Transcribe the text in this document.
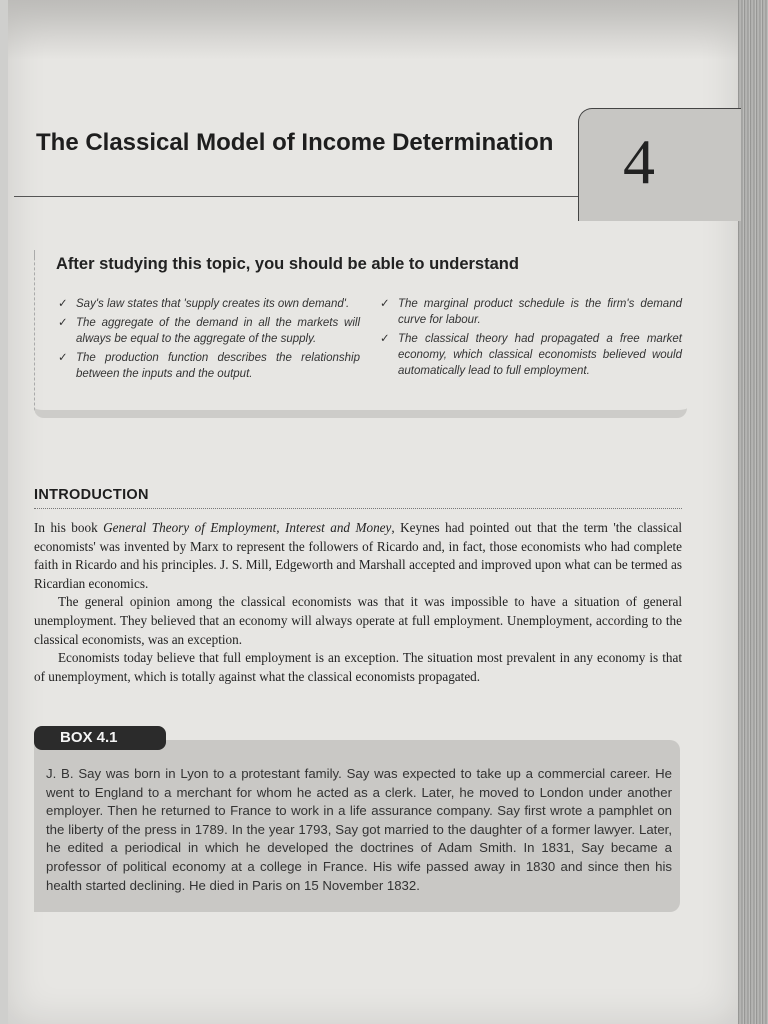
The Classical Model of Income Determination	4
After studying this topic, you should be able to understand
✓ Say's law states that 'supply creates its own demand'.
✓ The aggregate of the demand in all the markets will always be equal to the aggregate of the supply.
✓ The production function describes the relationship between the inputs and the output.
✓ The marginal product schedule is the firm's demand curve for labour.
✓ The classical theory had propagated a free market economy, which classical economists believed would automatically lead to full employment.
INTRODUCTION

In his book General Theory of Employment, Interest and Money, Keynes had pointed out that the term 'the classical economists' was invented by Marx to represent the followers of Ricardo and, in fact, those economists who had complete faith in Ricardo and his principles. J. S. Mill, Edgeworth and Marshall accepted and improved upon what can be termed as Ricardian economics.

The general opinion among the classical economists was that it was impossible to have a situation of general unemployment. They believed that an economy will always operate at full employment. Unemployment, according to the classical economists, was an exception.

Economists today believe that full employment is an exception. The situation most prevalent in any economy is that of unemployment, which is totally against what the classical economists propagated.

BOX 4.1
J. B. Say was born in Lyon to a protestant family. Say was expected to take up a commercial career. He went to England to a merchant for whom he acted as a clerk. Later, he moved to London under another employer. Then he returned to France to work in a life assurance company. Say first wrote a pamphlet on the liberty of the press in 1789. In the year 1793, Say got married to the daughter of a former lawyer. Later, he edited a periodical in which he developed the doctrines of Adam Smith. In 1831, Say became a professor of political economy at a college in France. His wife passed away in 1830 and since then his health started declining. He died in Paris on 15 November 1832.
